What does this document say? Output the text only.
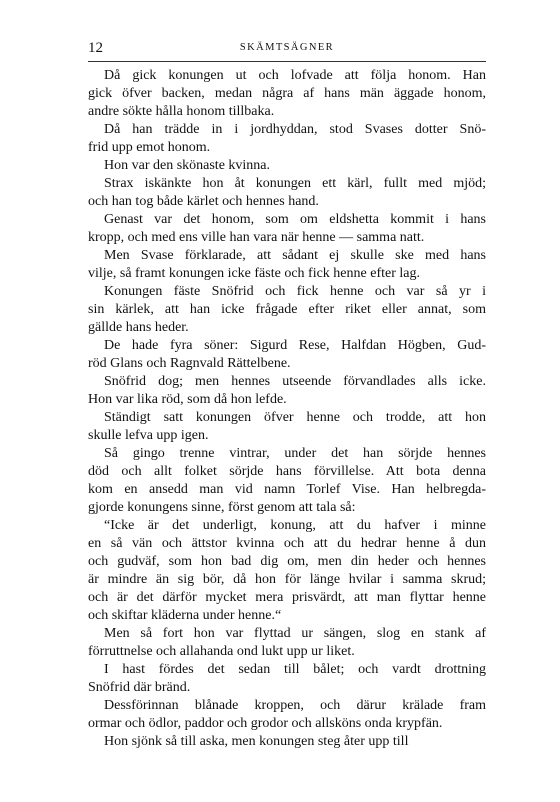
12	SKÄMTSÄGNER
Då gick konungen ut och lofvade att följa honom. Han
gick öfver backen, medan några af hans män äggade honom,
andre sökte hålla honom tillbaka.
Då han trädde in i jordhyddan, stod Svases dotter Snö-
frid upp emot honom.
Hon var den skönaste kvinna.
Strax iskänkte hon åt konungen ett kärl, fullt med mjöd;
och han tog både kärlet och hennes hand.
Genast var det honom, som om eldshetta kommit i hans
kropp, och med ens ville han vara när henne — samma natt.
Men Svase förklarade, att sådant ej skulle ske med hans
vilje, så framt konungen icke fäste och fick henne efter lag.
Konungen fäste Snöfrid och fick henne och var så yr i
sin kärlek, att han icke frågade efter riket eller annat, som
gällde hans heder.
De hade fyra söner: Sigurd Rese, Halfdan Högben, Gud-
röd Glans och Ragnvald Rättelbene.
Snöfrid dog; men hennes utseende förvandlades alls icke.
Hon var lika röd, som då hon lefde.
Ständigt satt konungen öfver henne och trodde, att hon
skulle lefva upp igen.
Så gingo trenne vintrar, under det han sörjde hennes
död och allt folket sörjde hans förvillelse. Att bota denna
kom en ansedd man vid namn Torlef Vise. Han helbregda-
gjorde konungens sinne, först genom att tala så:
“Icke är det underligt, konung, att du hafver i minne
en så vän och ättstor kvinna och att du hedrar henne å dun
och gudväf, som hon bad dig om, men din heder och hennes
är mindre än sig bör, då hon för länge hvilar i samma skrud;
och är det därför mycket mera prisvärdt, att man flyttar henne
och skiftar kläderna under henne.“
Men så fort hon var flyttad ur sängen, slog en stank af
förruttnelse och allahanda ond lukt upp ur liket.
I hast fördes det sedan till bålet; och vardt drottning
Snöfrid där bränd.
Dessförinnan blånade kroppen, och därur krälade fram
ormar och ödlor, paddor och grodor och allsköns onda krypfän.
Hon sjönk så till aska, men konungen steg åter upp till
